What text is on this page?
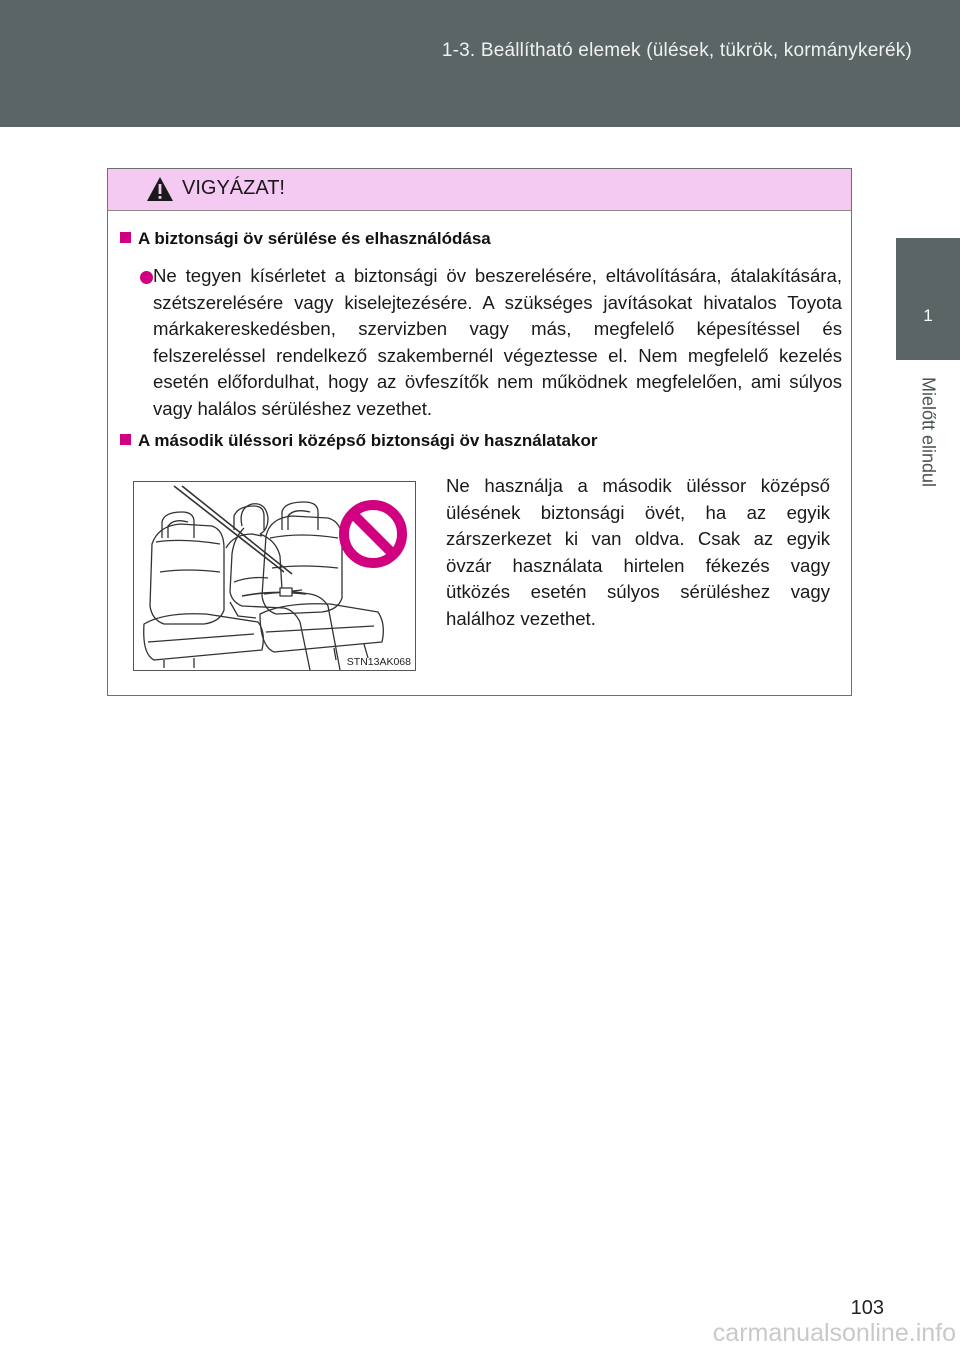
1-3. Beállítható elemek (ülések, tükrök, kormánykerék)
1
Mielőtt elindul
VIGYÁZAT!
A biztonsági öv sérülése és elhasználódása
Ne tegyen kísérletet a biztonsági öv beszerelésére, eltávolítására, átalakítására, szétszerelésére vagy kiselejtezésére. A szükséges javításokat hivatalos Toyota márkakereskedésben, szervizben vagy más, megfelelő képesítéssel és felszereléssel rendelkező szakembernél végeztesse el. Nem megfelelő kezelés esetén előfordulhat, hogy az övfeszítők nem működnek megfelelően, ami súlyos vagy halálos sérüléshez vezethet.
A második üléssori középső biztonsági öv használatakor
STN13AK068
Ne használja a második üléssor középső ülésének biztonsági övét, ha az egyik zárszerkezet ki van oldva. Csak az egyik övzár használata hirtelen fékezés vagy ütközés esetén súlyos sérüléshez vagy halálhoz vezethet.
103
carmanualsonline.info
